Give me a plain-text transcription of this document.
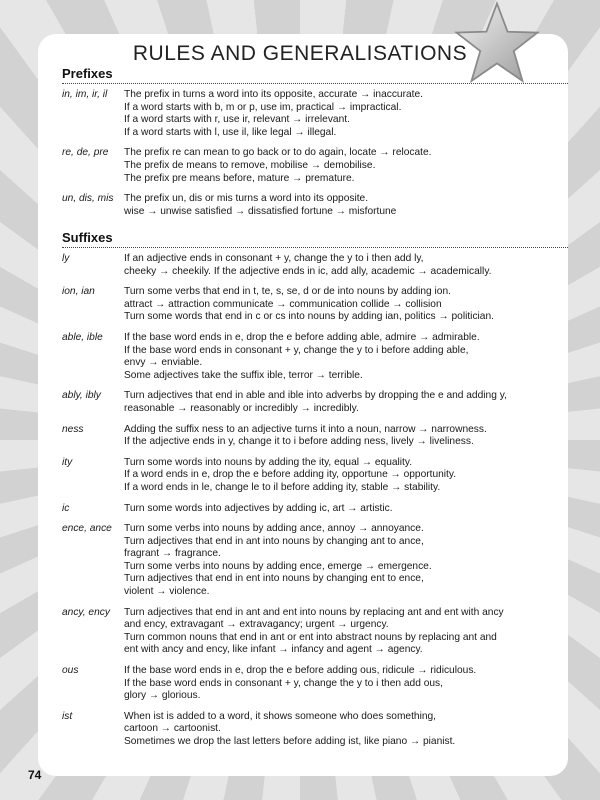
RULES AND GENERALISATIONS
Prefixes
in, im, ir, il	The prefix in turns a word into its opposite, accurate → inaccurate.
If a word starts with b, m or p, use im, practical → impractical.
If a word starts with r, use ir, relevant → irrelevant.
If a word starts with l, use il, like legal → illegal.
re, de, pre	The prefix re can mean to go back or to do again, locate → relocate.
The prefix de means to remove, mobilise → demobilise.
The prefix pre means before, mature → premature.
un, dis, mis	The prefix un, dis or mis turns a word into its opposite.
wise → unwise satisfied → dissatisfied fortune → misfortune
Suffixes
ly	If an adjective ends in consonant + y, change the y to i then add ly,
cheeky → cheekily. If the adjective ends in ic, add ally, academic → academically.
ion, ian	Turn some verbs that end in t, te, s, se, d or de into nouns by adding ion.
attract → attraction communicate → communication collide → collision
Turn some words that end in c or cs into nouns by adding ian, politics → politician.
able, ible	If the base word ends in e, drop the e before adding able, admire → admirable.
If the base word ends in consonant + y, change the y to i before adding able,
envy → enviable.
Some adjectives take the suffix ible, terror → terrible.
ably, ibly	Turn adjectives that end in able and ible into adverbs by dropping the e and adding y,
reasonable → reasonably or incredibly → incredibly.
ness	Adding the suffix ness to an adjective turns it into a noun, narrow → narrowness.
If the adjective ends in y, change it to i before adding ness, lively → liveliness.
ity	Turn some words into nouns by adding the ity, equal → equality.
If a word ends in e, drop the e before adding ity, opportune → opportunity.
If a word ends in le, change le to il before adding ity, stable → stability.
ic	Turn some words into adjectives by adding ic, art → artistic.
ence, ance	Turn some verbs into nouns by adding ance, annoy → annoyance.
Turn adjectives that end in ant into nouns by changing ant to ance,
fragrant → fragrance.
Turn some verbs into nouns by adding ence, emerge → emergence.
Turn adjectives that end in ent into nouns by changing ent to ence,
violent → violence.
ancy, ency	Turn adjectives that end in ant and ent into nouns by replacing ant and ent with ancy
and ency, extravagant → extravagancy; urgent → urgency.
Turn common nouns that end in ant or ent into abstract nouns by replacing ant and
ent with ancy and ency, like infant → infancy and agent → agency.
ous	If the base word ends in e, drop the e before adding ous, ridicule → ridiculous.
If the base word ends in consonant + y, change the y to i then add ous,
glory → glorious.
ist	When ist is added to a word, it shows someone who does something,
cartoon → cartoonist.
Sometimes we drop the last letters before adding ist, like piano → pianist.
74
